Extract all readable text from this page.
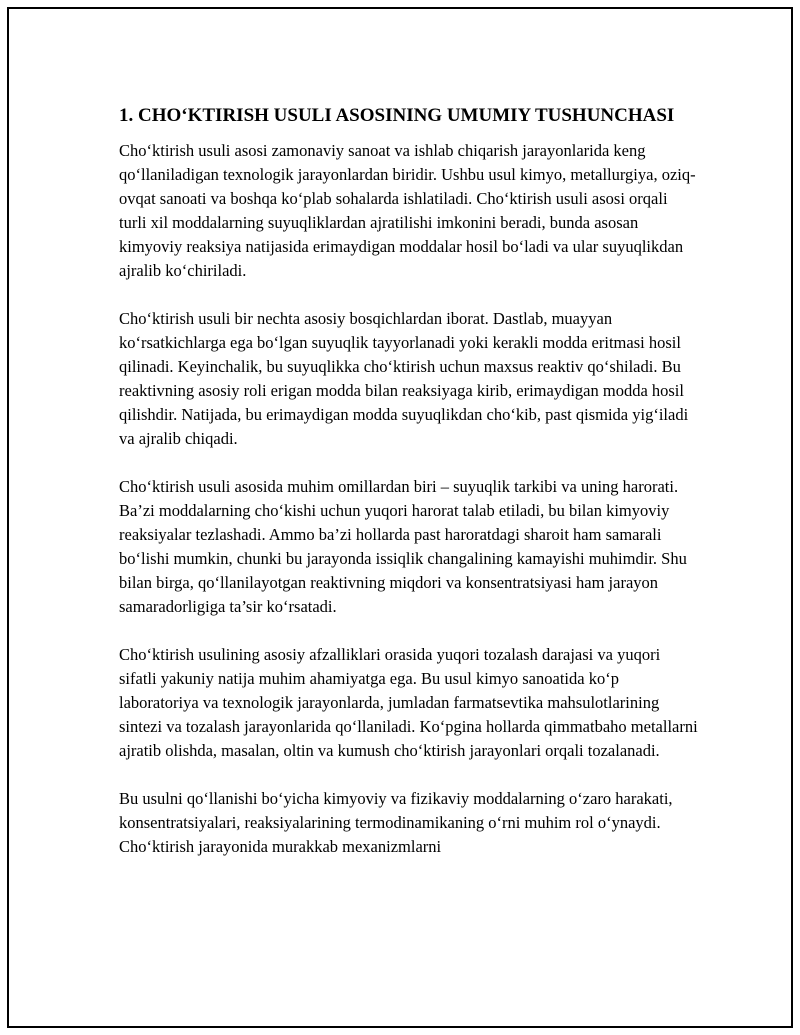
1. CHO‘KTIRISH USULI ASOSINING UMUMIY TUSHUNCHASI

Cho‘ktirish usuli asosi zamonaviy sanoat va ishlab chiqarish jarayonlarida keng qo‘llaniladigan texnologik jarayonlardan biridir. Ushbu usul kimyo, metallurgiya, oziq-ovqat sanoati va boshqa ko‘plab sohalarda ishlatiladi. Cho‘ktirish usuli asosi orqali turli xil moddalarning suyuqliklardan ajratilishi imkonini beradi, bunda asosan kimyoviy reaksiya natijasida erimaydigan moddalar hosil bo‘ladi va ular suyuqlikdan ajralib ko‘chiriladi.

Cho‘ktirish usuli bir nechta asosiy bosqichlardan iborat. Dastlab, muayyan ko‘rsatkichlarga ega bo‘lgan suyuqlik tayyorlanadi yoki kerakli modda eritmasi hosil qilinadi. Keyinchalik, bu suyuqlikka cho‘ktirish uchun maxsus reaktiv qo‘shiladi. Bu reaktivning asosiy roli erigan modda bilan reaksiyaga kirib, erimaydigan modda hosil qilishdir. Natijada, bu erimaydigan modda suyuqlikdan cho‘kib, past qismida yig‘iladi va ajralib chiqadi.

Cho‘ktirish usuli asosida muhim omillardan biri – suyuqlik tarkibi va uning harorati. Ba’zi moddalarning cho‘kishi uchun yuqori harorat talab etiladi, bu bilan kimyoviy reaksiyalar tezlashadi. Ammo ba’zi hollarda past haroratdagi sharoit ham samarali bo‘lishi mumkin, chunki bu jarayonda issiqlik changalining kamayishi muhimdir. Shu bilan birga, qo‘llanilayotgan reaktivning miqdori va konsentratsiyasi ham jarayon samaradorligiga ta’sir ko‘rsatadi.

Cho‘ktirish usulining asosiy afzalliklari orasida yuqori tozalash darajasi va yuqori sifatli yakuniy natija muhim ahamiyatga ega. Bu usul kimyo sanoatida ko‘p laboratoriya va texnologik jarayonlarda, jumladan farmatsevtika mahsulotlarining sintezi va tozalash jarayonlarida qo‘llaniladi. Ko‘pgina hollarda qimmatbaho metallarni ajratib olishda, masalan, oltin va kumush cho‘ktirish jarayonlari orqali tozalanadi.

Bu usulni qo‘llanishi bo‘yicha kimyoviy va fizikaviy moddalarning o‘zaro harakati, konsentratsiyalari, reaksiyalarining termodinamikaning o‘rni muhim rol o‘ynaydi. Cho‘ktirish jarayonida murakkab mexanizmlarni
